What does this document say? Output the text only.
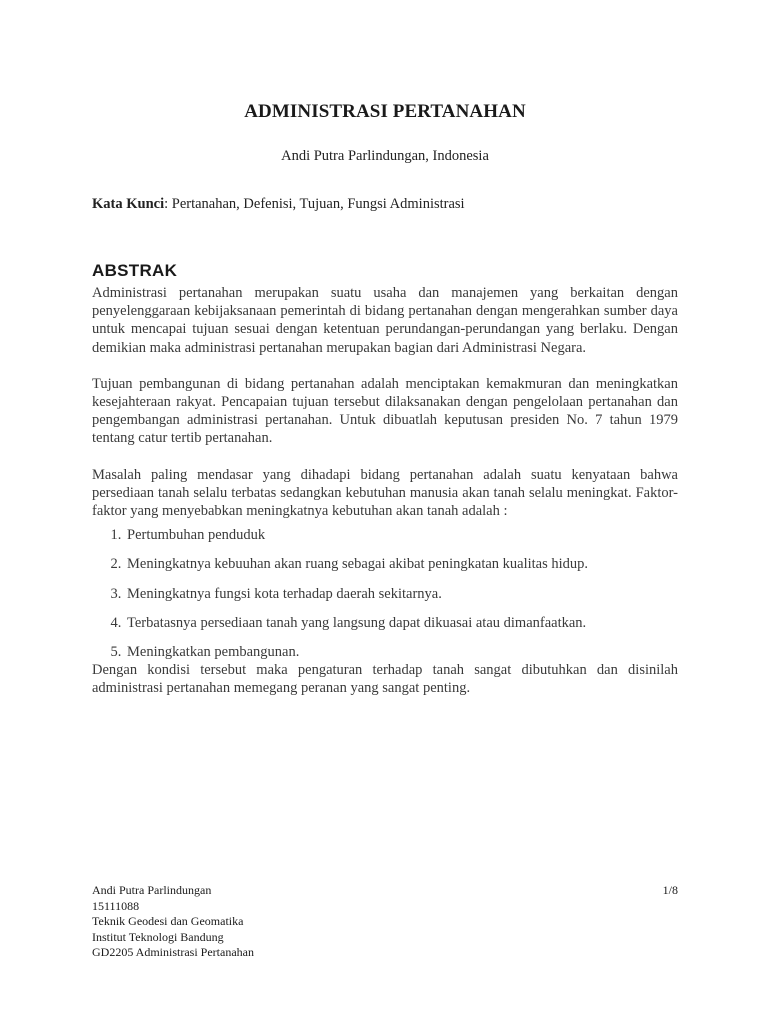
ADMINISTRASI PERTANAHAN
Andi Putra Parlindungan, Indonesia
Kata Kunci: Pertanahan, Defenisi, Tujuan, Fungsi Administrasi
ABSTRAK

Administrasi pertanahan merupakan suatu usaha dan manajemen yang berkaitan dengan penyelenggaraan kebijaksanaan pemerintah di bidang pertanahan dengan mengerahkan sumber daya untuk mencapai tujuan sesuai dengan ketentuan perundangan-perundangan yang berlaku. Dengan demikian maka administrasi pertanahan merupakan bagian dari Administrasi Negara.

Tujuan pembangunan di bidang pertanahan adalah menciptakan kemakmuran dan meningkatkan kesejahteraan rakyat. Pencapaian tujuan tersebut dilaksanakan dengan pengelolaan pertanahan dan pengembangan administrasi pertanahan. Untuk dibuatlah keputusan presiden No. 7 tahun 1979 tentang catur tertib pertanahan.

Masalah paling mendasar yang dihadapi bidang pertanahan adalah suatu kenyataan bahwa persediaan tanah selalu terbatas sedangkan kebutuhan manusia akan tanah selalu meningkat. Faktor-faktor yang menyebabkan meningkatnya kebutuhan akan tanah adalah :

1. Pertumbuhan penduduk
2. Meningkatnya kebuuhan akan ruang sebagai akibat peningkatan kualitas hidup.
3. Meningkatnya fungsi kota terhadap daerah sekitarnya.
4. Terbatasnya persediaan tanah yang langsung dapat dikuasai atau dimanfaatkan.
5. Meningkatkan pembangunan.

Dengan kondisi tersebut maka pengaturan terhadap tanah sangat dibutuhkan dan disinilah administrasi pertanahan memegang peranan yang sangat penting.

Andi Putra Parlindungan
15111088
Teknik Geodesi dan Geomatika
Institut Teknologi Bandung
GD2205 Administrasi Pertanahan
1/8
